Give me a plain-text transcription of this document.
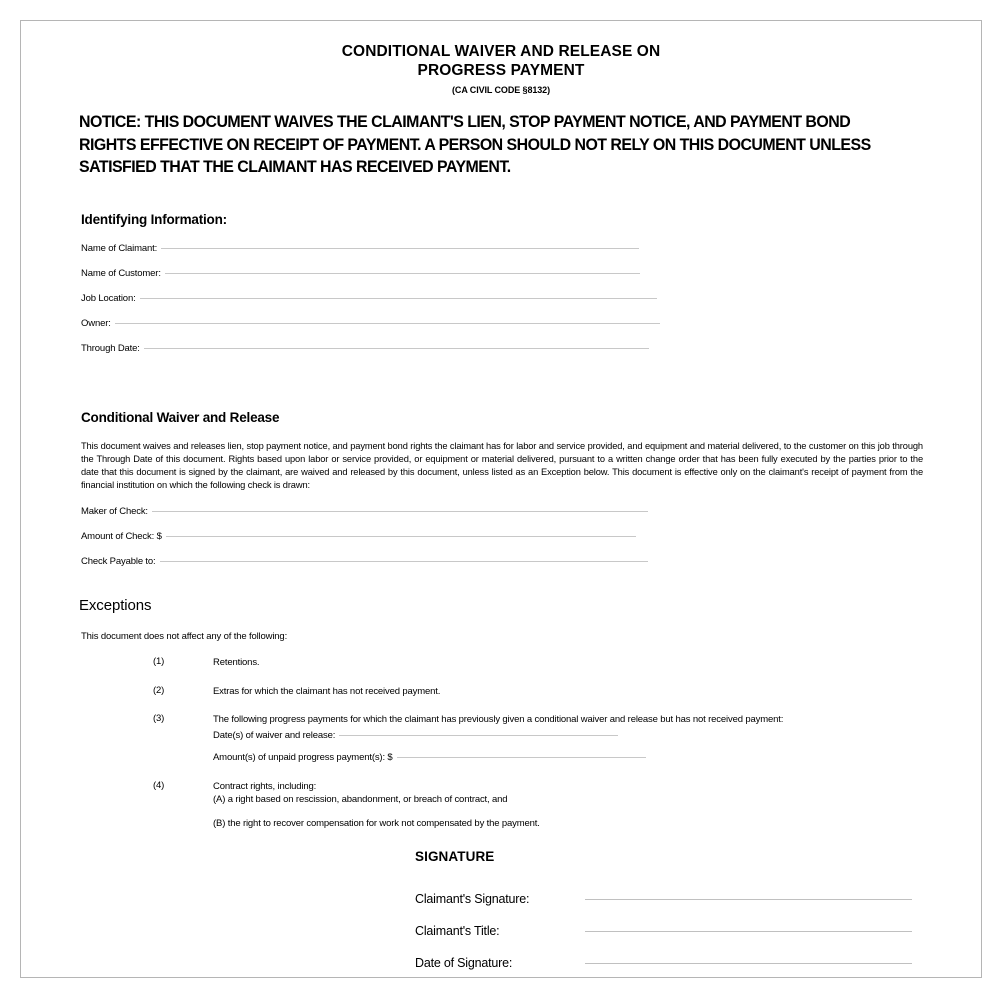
CONDITIONAL WAIVER AND RELEASE ON
PROGRESS PAYMENT
(CA CIVIL CODE §8132)
NOTICE: THIS DOCUMENT WAIVES THE CLAIMANT'S LIEN, STOP PAYMENT NOTICE, AND PAYMENT BOND RIGHTS EFFECTIVE ON RECEIPT OF PAYMENT. A PERSON SHOULD NOT RELY ON THIS DOCUMENT UNLESS SATISFIED THAT THE CLAIMANT HAS RECEIVED PAYMENT.
Identifying Information:
Name of Claimant:
Name of Customer:
Job Location:
Owner:
Through Date:
Conditional Waiver and Release
This document waives and releases lien, stop payment notice, and payment bond rights the claimant has for labor and service provided, and equipment and material delivered, to the customer on this job through the Through Date of this document. Rights based upon labor or service provided, or equipment or material delivered, pursuant to a written change order that has been fully executed by the parties prior to the date that this document is signed by the claimant, are waived and released by this document, unless listed as an Exception below. This document is effective only on the claimant's receipt of payment from the financial institution on which the following check is drawn:
Maker of Check:
Amount of Check: $
Check Payable to:
Exceptions
This document does not affect any of the following:
(1)	Retentions.
(2)	Extras for which the claimant has not received payment.
(3)	The following progress payments for which the claimant has previously given a conditional waiver and release but has not received payment:
Date(s) of waiver and release:
Amount(s) of unpaid progress payment(s): $
(4)	Contract rights, including:
(A) a right based on rescission, abandonment, or breach of contract, and
(B) the right to recover compensation for work not compensated by the payment.
SIGNATURE
Claimant's Signature:
Claimant's Title:
Date of Signature:
